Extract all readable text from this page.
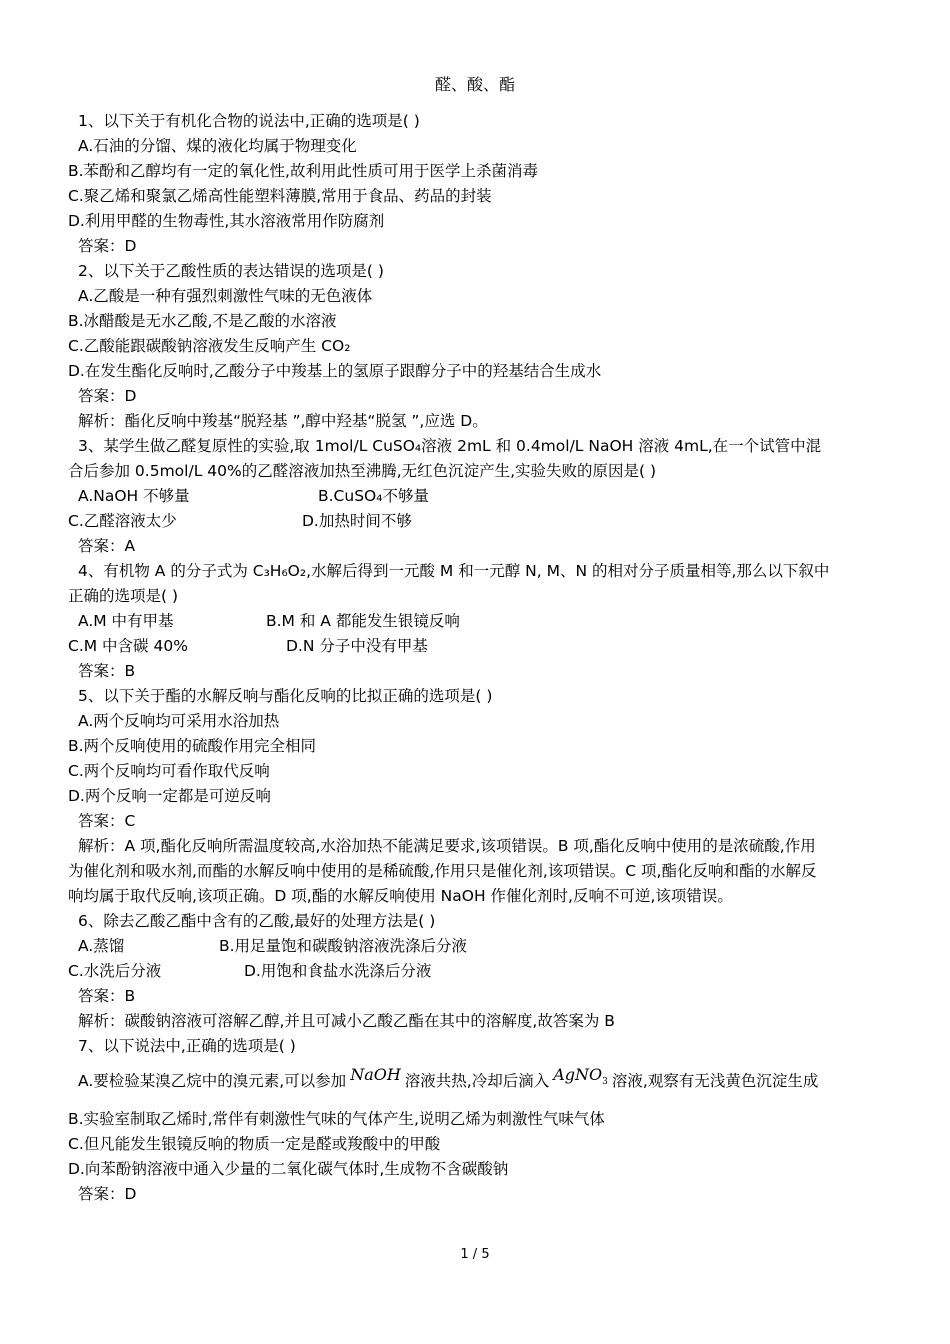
醛、酸、酯
1、以下关于有机化合物的说法中,正确的选项是( )
A.石油的分馏、煤的液化均属于物理变化
B.苯酚和乙醇均有一定的氧化性,故利用此性质可用于医学上杀菌消毒
C.聚乙烯和聚氯乙烯高性能塑料薄膜,常用于食品、药品的封装
D.利用甲醛的生物毒性,其水溶液常用作防腐剂
答案：D
2、以下关于乙酸性质的表达错误的选项是( )
A.乙酸是一种有强烈刺激性气味的无色液体
B.冰醋酸是无水乙酸,不是乙酸的水溶液
C.乙酸能跟碳酸钠溶液发生反响产生 CO₂
D.在发生酯化反响时,乙酸分子中羧基上的氢原子跟醇分子中的羟基结合生成水
答案：D
解析：酯化反响中羧基“脱羟基 ”,醇中羟基“脱氢 ”,应选 D。
3、某学生做乙醛复原性的实验,取 1mol/L CuSO₄溶液 2mL 和 0.4mol/L NaOH 溶液 4mL,在一个试管中混
合后参加 0.5mol/L 40%的乙醛溶液加热至沸腾,无红色沉淀产生,实验失败的原因是( )
A.NaOH 不够量	B.CuSO₄不够量
C.乙醛溶液太少	D.加热时间不够
答案：A
4、有机物 A 的分子式为 C₃H₆O₂,水解后得到一元酸 M 和一元醇 N, M、N 的相对分子质量相等,那么以下叙中
正确的选项是( )
A.M 中有甲基	B.M 和 A 都能发生银镜反响
C.M 中含碳 40%	D.N 分子中没有甲基
答案：B
5、以下关于酯的水解反响与酯化反响的比拟正确的选项是( )
A.两个反响均可采用水浴加热
B.两个反响使用的硫酸作用完全相同
C.两个反响均可看作取代反响
D.两个反响一定都是可逆反响
答案：C
解析：A 项,酯化反响所需温度较高,水浴加热不能满足要求,该项错误。B 项,酯化反响中使用的是浓硫酸,作用
为催化剂和吸水剂,而酯的水解反响中使用的是稀硫酸,作用只是催化剂,该项错误。C 项,酯化反响和酯的水解反
响均属于取代反响,该项正确。D 项,酯的水解反响使用 NaOH 作催化剂时,反响不可逆,该项错误。
6、除去乙酸乙酯中含有的乙酸,最好的处理方法是( )
A.蒸馏	B.用足量饱和碳酸钠溶液洗涤后分液
C.水洗后分液	D.用饱和食盐水洗涤后分液
答案：B
解析：碳酸钠溶液可溶解乙醇,并且可减小乙酸乙酯在其中的溶解度,故答案为 B
7、以下说法中,正确的选项是( )
A.要检验某溴乙烷中的溴元素,可以参加 NaOH 溶液共热,冷却后滴入 AgNO$_3$ 溶液,观察有无浅黄色沉淀生成
B.实验室制取乙烯时,常伴有刺激性气味的气体产生,说明乙烯为刺激性气味气体
C.但凡能发生银镜反响的物质一定是醛或羧酸中的甲酸
D.向苯酚钠溶液中通入少量的二氧化碳气体时,生成物不含碳酸钠
答案：D
1 / 5
